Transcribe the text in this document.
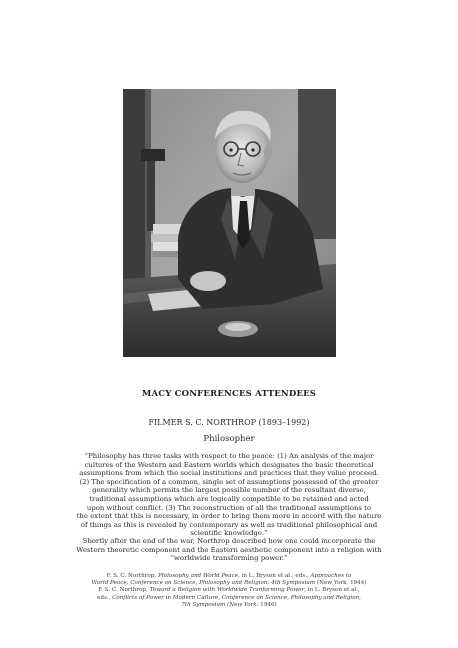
MACY CONFERENCES ATTENDEES
FILMER S. C. NORTHROP (1893–1992)
Philosopher
“Philosophy has three tasks with respect to the peace: (1) An analysis of the major
cultures of the Western and Eastern worlds which designates the basic theoretical
assumptions from which the social institutions and practices that they value proceed.
(2) The specification of a common, single set of assumptions possessed of the greater
generality which permits the largest possible number of the resultant diverse,
traditional assumptions which are logically compatible to be retained and acted
upon without conflict. (3) The reconstruction of all the traditional assumptions to
the extent that this is necessary, in order to bring them more in accord with the nature
of things as this is revealed by contemporary as well as traditional philosophical and
scientific knowledge.”
Shortly after the end of the war, Northrop described how one could incorporate the
Western theoretic component and the Eastern aesthetic component into a religion with
“worldwide transforming power.”
F. S. C. Northrop, Philosophy and World Peace, in L. Bryson et al., eds., Approaches to
World Peace. Conference on Science, Philosophy and Religion: 4th Symposium (New York, 1944)
F. S. C. Northrop, Toward a Religion with Worldwide Tranforming Power, in L. Bryson et al.,
eds., Conflicts of Power in Modern Culture, Conference on Science, Philosophy and Religion,
7th Symposium (New York: 1946)
